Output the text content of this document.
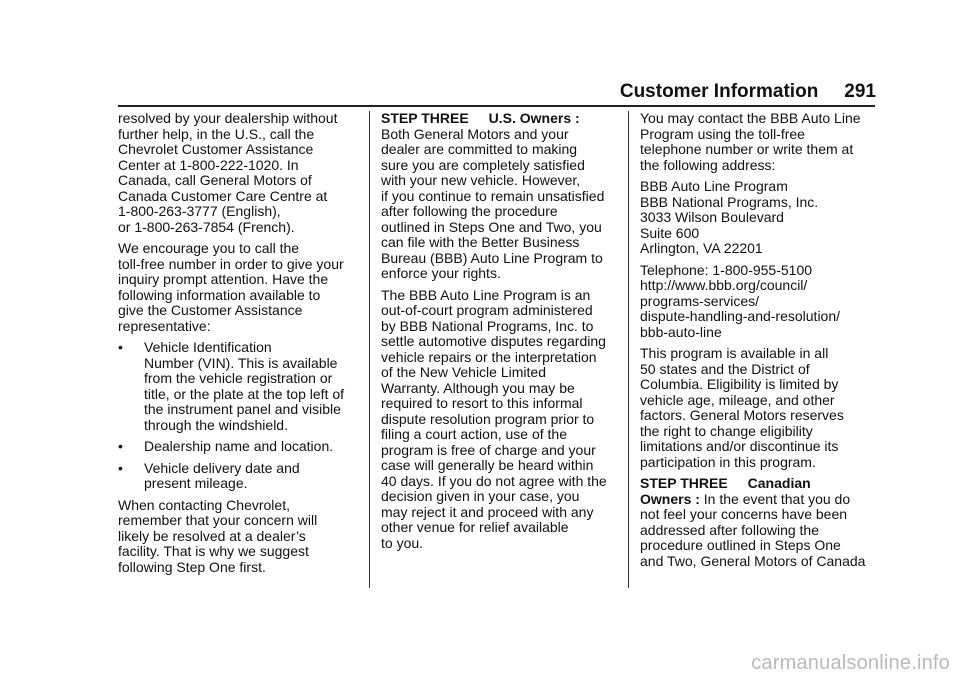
Customer Information 291

resolved by your dealership without
further help, in the U.S., call the
Chevrolet Customer Assistance
Center at 1-800-222-1020. In
Canada, call General Motors of
Canada Customer Care Centre at
1-800-263-3777 (English),
or 1-800-263-7854 (French).

We encourage you to call the
toll-free number in order to give your
inquiry prompt attention. Have the
following information available to
give the Customer Assistance
representative:

• Vehicle Identification
Number (VIN). This is available
from the vehicle registration or
title, or the plate at the top left of
the instrument panel and visible
through the windshield.
• Dealership name and location.
• Vehicle delivery date and
present mileage.

When contacting Chevrolet,
remember that your concern will
likely be resolved at a dealer’s
facility. That is why we suggest
following Step One first.

STEP THREE U.S. Owners :
Both General Motors and your
dealer are committed to making
sure you are completely satisfied
with your new vehicle. However,
if you continue to remain unsatisfied
after following the procedure
outlined in Steps One and Two, you
can file with the Better Business
Bureau (BBB) Auto Line Program to
enforce your rights.

The BBB Auto Line Program is an
out-of-court program administered
by BBB National Programs, Inc. to
settle automotive disputes regarding
vehicle repairs or the interpretation
of the New Vehicle Limited
Warranty. Although you may be
required to resort to this informal
dispute resolution program prior to
filing a court action, use of the
program is free of charge and your
case will generally be heard within
40 days. If you do not agree with the
decision given in your case, you
may reject it and proceed with any
other venue for relief available
to you.

You may contact the BBB Auto Line
Program using the toll-free
telephone number or write them at
the following address:

BBB Auto Line Program
BBB National Programs, Inc.
3033 Wilson Boulevard
Suite 600
Arlington, VA 22201

Telephone: 1-800-955-5100
http://www.bbb.org/council/
programs-services/
dispute-handling-and-resolution/
bbb-auto-line

This program is available in all
50 states and the District of
Columbia. Eligibility is limited by
vehicle age, mileage, and other
factors. General Motors reserves
the right to change eligibility
limitations and/or discontinue its
participation in this program.

STEP THREE Canadian
Owners : In the event that you do
not feel your concerns have been
addressed after following the
procedure outlined in Steps One
and Two, General Motors of Canada

carmanualsonline.info
